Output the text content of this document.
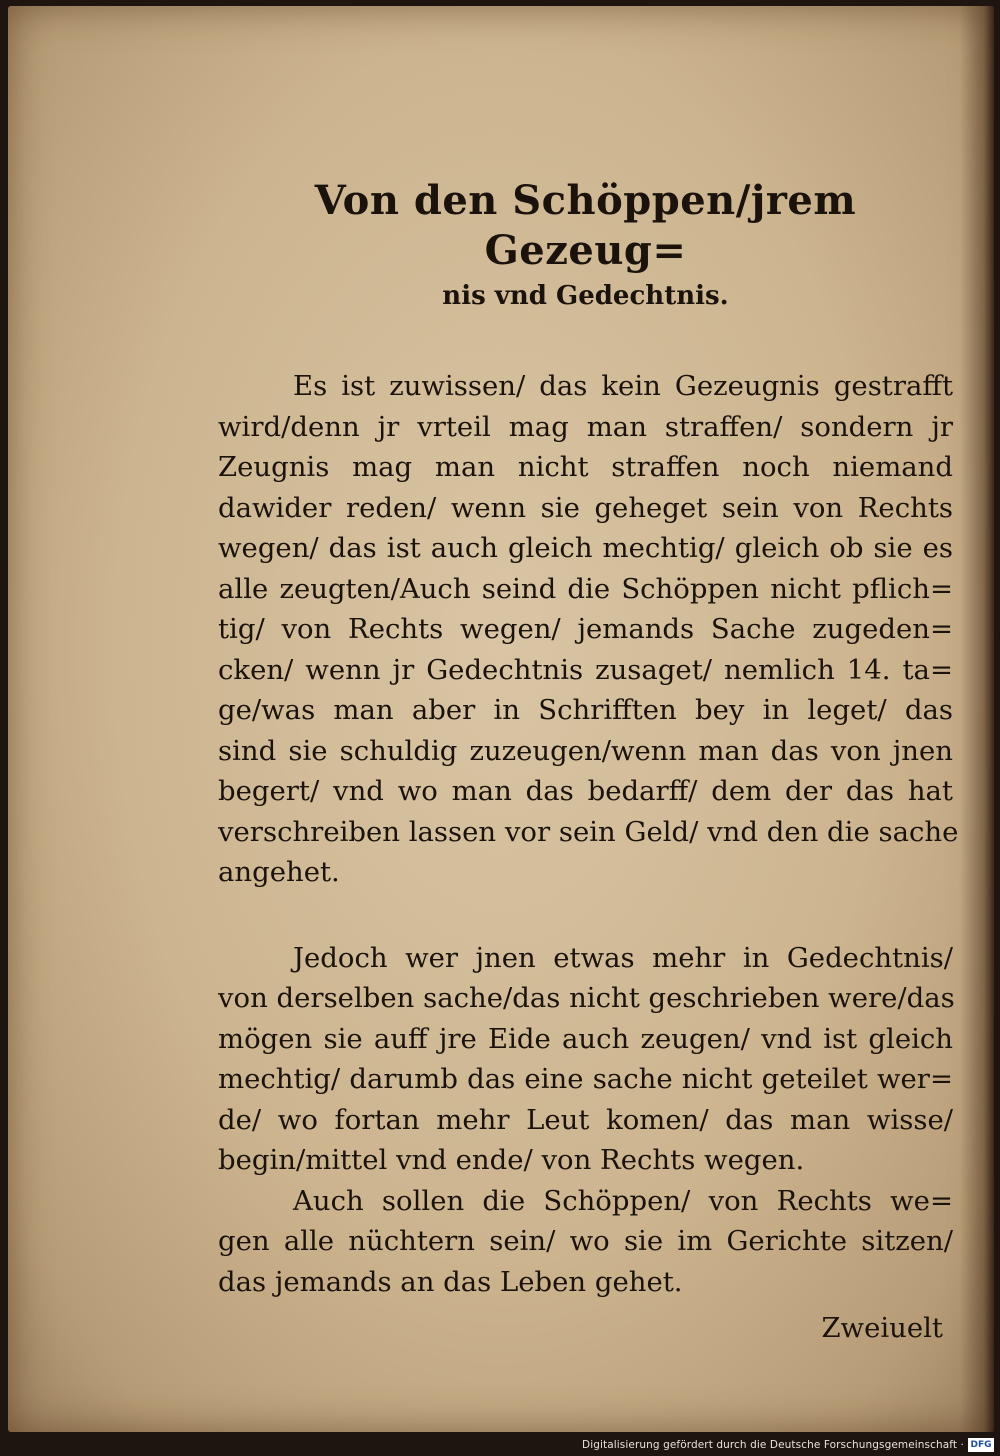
Von den Schöppen/jrem Gezeug=
nis vnd Gedechtnis.

Es ist zuwissen/ das kein Gezeugnis gestrafft
wird/denn jr vrteil mag man straffen/ sondern jr
Zeugnis mag man nicht straffen noch niemand
dawider reden/ wenn sie geheget sein von Rechts
wegen/ das ist auch gleich mechtig/ gleich ob sie es
alle zeugten/Auch seind die Schöppen nicht pflich=
tig/ von Rechts wegen/ jemands Sache zugeden=
cken/ wenn jr Gedechtnis zusaget/ nemlich 14. ta=
ge/was man aber in Schrifften bey in leget/ das
sind sie schuldig zuzeugen/wenn man das von jnen
begert/ vnd wo man das bedarff/ dem der das hat
verschreiben lassen vor sein Geld/ vnd den die sache
angehet.

Jedoch wer jnen etwas mehr in Gedechtnis/
von derselben sache/das nicht geschrieben were/das
mögen sie auff jre Eide auch zeugen/ vnd ist gleich
mechtig/ darumb das eine sache nicht geteilet wer=
de/ wo fortan mehr Leut komen/ das man wisse/
begin/mittel vnd ende/ von Rechts wegen.

Auch sollen die Schöppen/ von Rechts we=
gen alle nüchtern sein/ wo sie im Gerichte sitzen/
das jemands an das Leben gehet.

Zweiuelt
Digitalisierung gefördert durch die Deutsche Forschungsgemeinschaft · DFG
